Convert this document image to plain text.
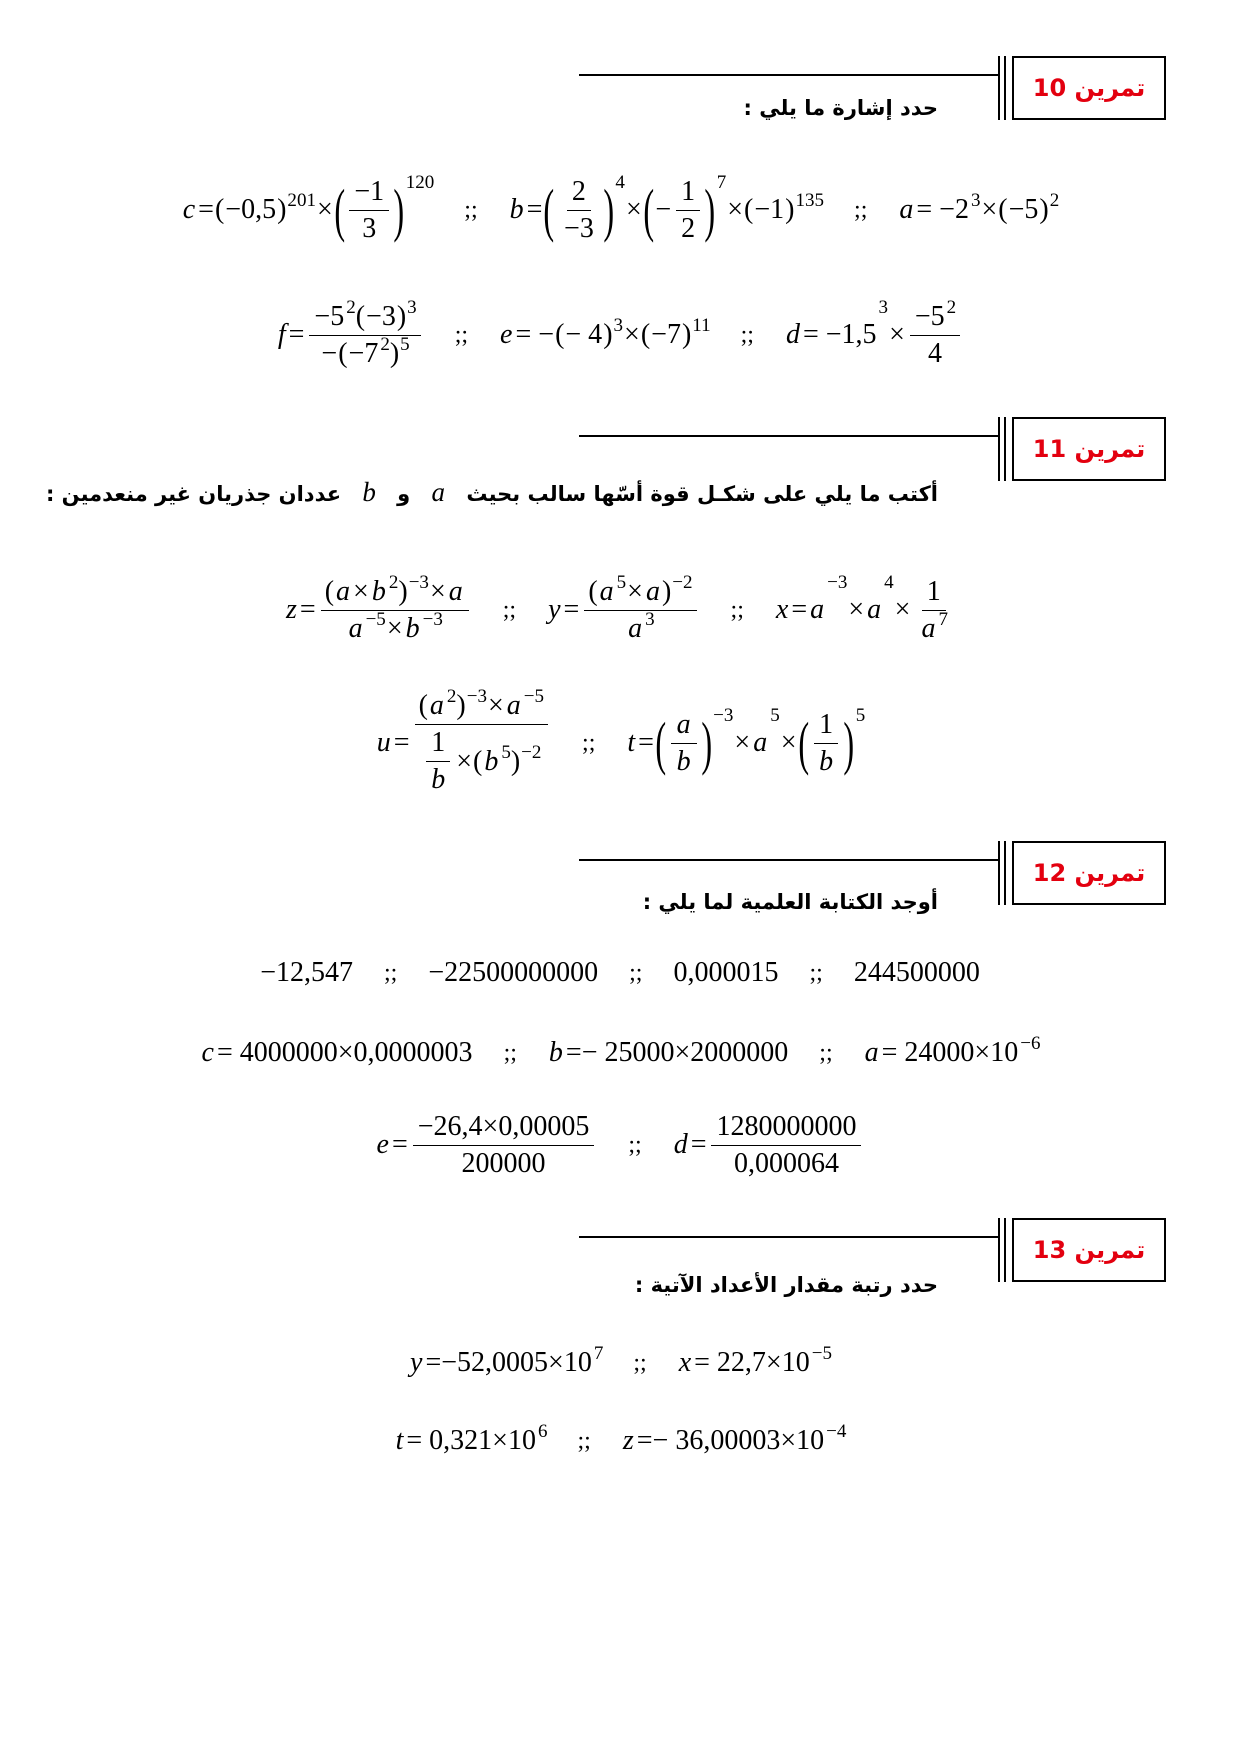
تمرين 10
حدد إشارة ما يلي :
c = ( −0,5 ) 201 × ( $\frac{-1}{3}$ ) 120
;; b = ( $\frac{2}{-3}$ ) 4
× ( − $\frac{1}{2}$ ) 7
× ( −1 ) 135 ;; a = −2 3 × ( −5 ) 2
$f = \frac{-5 2 ( -3 ) 3}{- ( -7 2 ) 5}$ ;; e = − ( − 4 ) 3 × ( −7 ) 11 ;; d = −1,5
3
× $\frac{-5 2}{4}$
تمرين 11
أكتب ما يلي على شكـل قوة أسّها سالب بحيث a و b عددان جذريان غير منعدمين :
$z = \frac{( a \times b 2 ) -3 \times a}{a -5 \times b -3}$ ;; $y = \frac{( a 5 \times a ) -2}{a 3}$ ;; x = a
−3
× a
4
× $\frac{1}{a 7}$
$u = \frac{( a 2 ) -3 \times a -5}{\frac{1}{b} \times ( b 5 ) -2}$ ;; t = ( $\frac{a}{b}$ ) −3
× a
5
× ( $\frac{1}{b}$ ) 5
تمرين 12
أوجد الكتابة العلمية لما يلي :
−12,547 ;; −22500000000 ;; 0,000015 ;; 244500000
c = 4000000×0,0000003 ;; b =− 25000×2000000 ;; a = 24000×10 −6
$e = \frac{-26,4\times 0,00005}{200000}$ ;; $d = \frac{1280000000}{0,000064}$
تمرين 13
حدد رتبة مقدار الأعداد الآتية :
y =−52,0005×10 7 ;; x = 22,7×10 −5
t = 0,321×10 6 ;; z =− 36,00003×10 −4
